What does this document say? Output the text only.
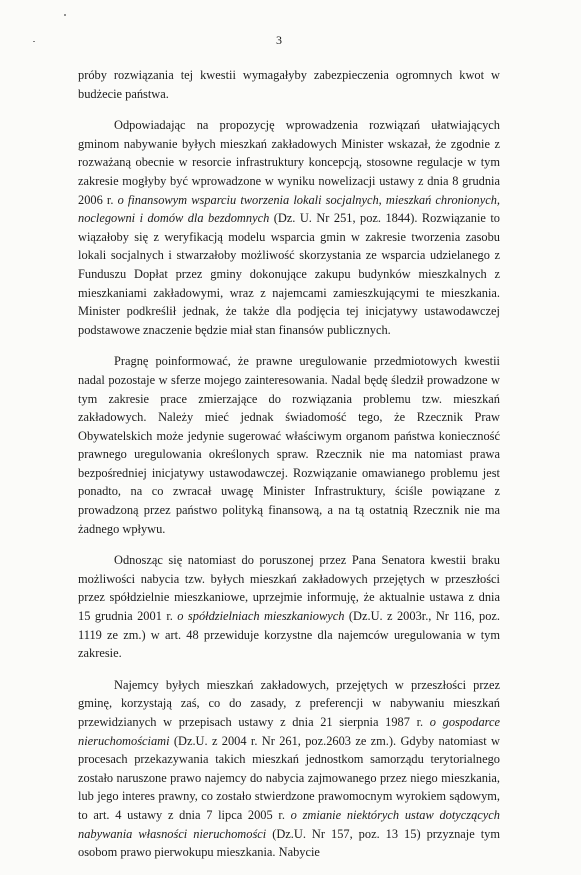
3

próby rozwiązania tej kwestii wymagałyby zabezpieczenia ogromnych kwot w budżecie państwa.

Odpowiadając na propozycję wprowadzenia rozwiązań ułatwiających gminom nabywanie byłych mieszkań zakładowych Minister wskazał, że zgodnie z rozważaną obecnie w resorcie infrastruktury koncepcją, stosowne regulacje w tym zakresie mogłyby być wprowadzone w wyniku nowelizacji ustawy z dnia 8 grudnia 2006 r. o finansowym wsparciu tworzenia lokali socjalnych, mieszkań chronionych, noclegowni i domów dla bezdomnych (Dz. U. Nr 251, poz. 1844). Rozwiązanie to wiązałoby się z weryfikacją modelu wsparcia gmin w zakresie tworzenia zasobu lokali socjalnych i stwarzałoby możliwość skorzystania ze wsparcia udzielanego z Funduszu Dopłat przez gminy dokonujące zakupu budynków mieszkalnych z mieszkaniami zakładowymi, wraz z najemcami zamieszkującymi te mieszkania. Minister podkreślił jednak, że także dla podjęcia tej inicjatywy ustawodawczej podstawowe znaczenie będzie miał stan finansów publicznych.

Pragnę poinformować, że prawne uregulowanie przedmiotowych kwestii nadal pozostaje w sferze mojego zainteresowania. Nadal będę śledził prowadzone w tym zakresie prace zmierzające do rozwiązania problemu tzw. mieszkań zakładowych. Należy mieć jednak świadomość tego, że Rzecznik Praw Obywatelskich może jedynie sugerować właściwym organom państwa konieczność prawnego uregulowania określonych spraw. Rzecznik nie ma natomiast prawa bezpośredniej inicjatywy ustawodawczej. Rozwiązanie omawianego problemu jest ponadto, na co zwracał uwagę Minister Infrastruktury, ściśle powiązane z prowadzoną przez państwo polityką finansową, a na tą ostatnią Rzecznik nie ma żadnego wpływu.

Odnosząc się natomiast do poruszonej przez Pana Senatora kwestii braku możliwości nabycia tzw. byłych mieszkań zakładowych przejętych w przeszłości przez spółdzielnie mieszkaniowe, uprzejmie informuję, że aktualnie ustawa z dnia 15 grudnia 2001 r. o spółdzielniach mieszkaniowych (Dz.U. z 2003r., Nr 116, poz. 1119 ze zm.) w art. 48 przewiduje korzystne dla najemców uregulowania w tym zakresie.

Najemcy byłych mieszkań zakładowych, przejętych w przeszłości przez gminę, korzystają zaś, co do zasady, z preferencji w nabywaniu mieszkań przewidzianych w przepisach ustawy z dnia 21 sierpnia 1987 r. o gospodarce nieruchomościami (Dz.U. z 2004 r. Nr 261, poz.2603 ze zm.). Gdyby natomiast w procesach przekazywania takich mieszkań jednostkom samorządu terytorialnego zostało naruszone prawo najemcy do nabycia zajmowanego przez niego mieszkania, lub jego interes prawny, co zostało stwierdzone prawomocnym wyrokiem sądowym, to art. 4 ustawy z dnia 7 lipca 2005 r. o zmianie niektórych ustaw dotyczących nabywania własności nieruchomości (Dz.U. Nr 157, poz. 13 15) przyznaje tym osobom prawo pierwokupu mieszkania. Nabycie
